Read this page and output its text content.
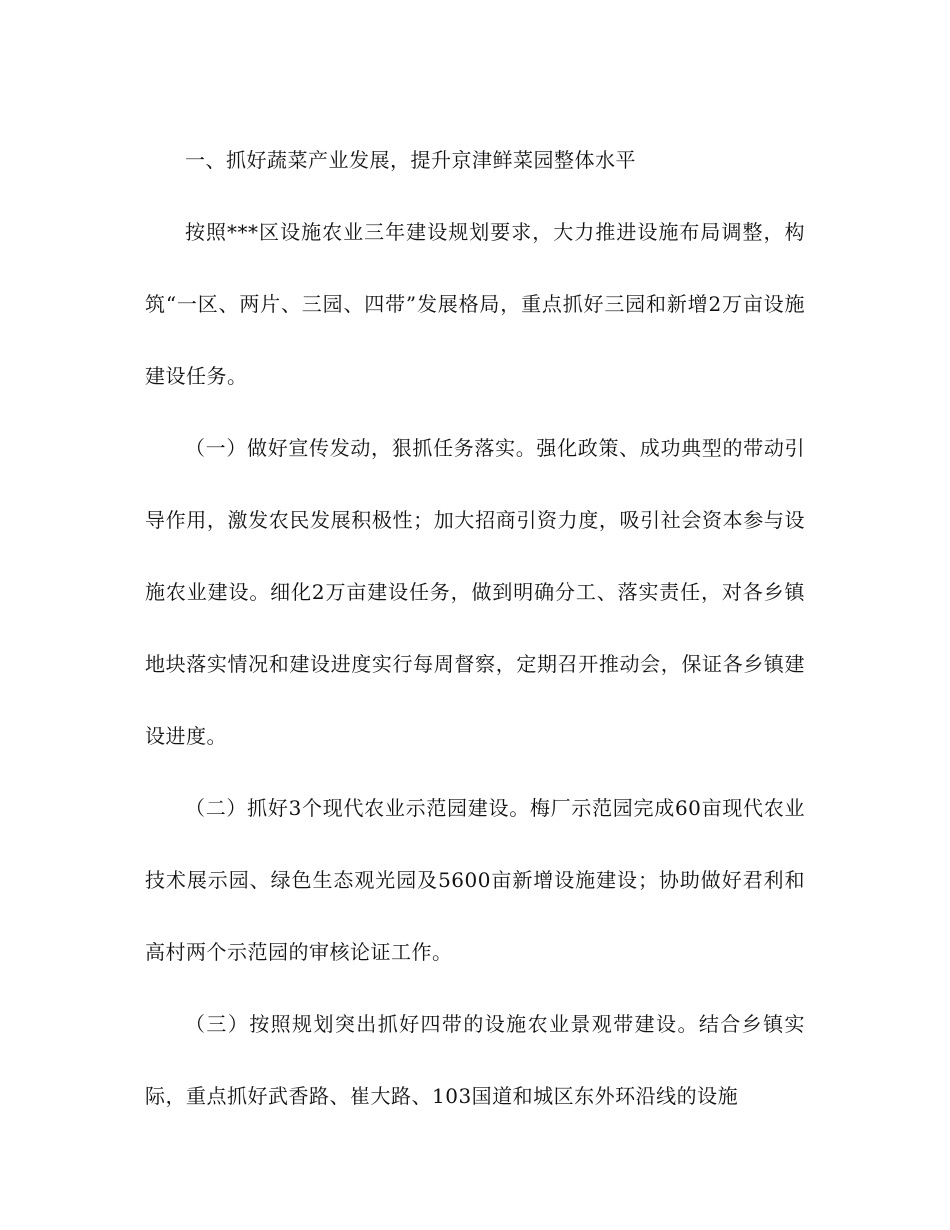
一、抓好蔬菜产业发展，提升京津鲜菜园整体水平

按照***区设施农业三年建设规划要求，大力推进设施布局调整，构筑“一区、两片、三园、四带”发展格局，重点抓好三园和新增2万亩设施建设任务。

（一）做好宣传发动，狠抓任务落实。强化政策、成功典型的带动引导作用，激发农民发展积极性；加大招商引资力度，吸引社会资本参与设施农业建设。细化2万亩建设任务，做到明确分工、落实责任，对各乡镇地块落实情况和建设进度实行每周督察，定期召开推动会，保证各乡镇建设进度。

（二）抓好3个现代农业示范园建设。梅厂示范园完成60亩现代农业技术展示园、绿色生态观光园及5600亩新增设施建设；协助做好君利和高村两个示范园的审核论证工作。

（三）按照规划突出抓好四带的设施农业景观带建设。结合乡镇实际，重点抓好武香路、崔大路、103国道和城区东外环沿线的设施
